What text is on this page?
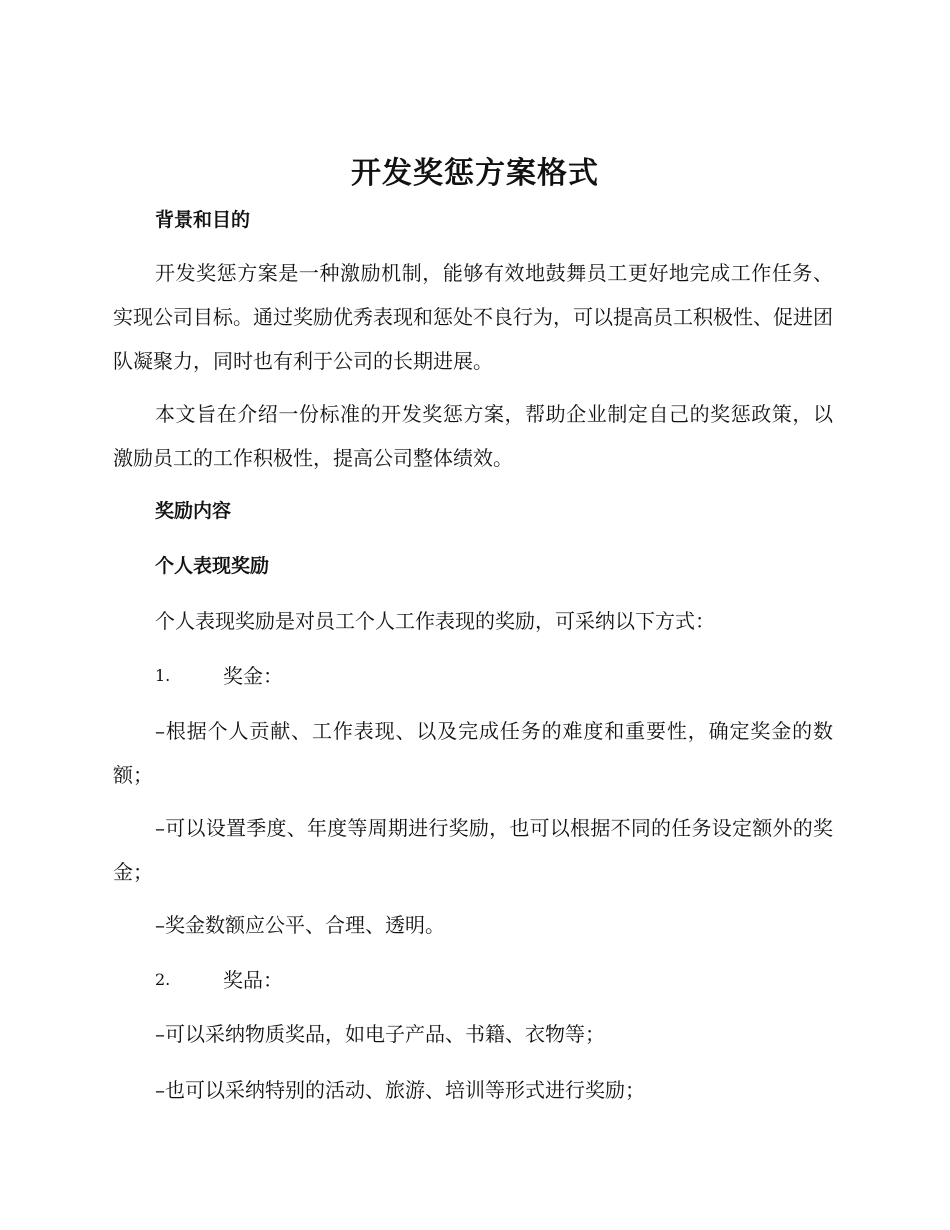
开发奖惩方案格式
背景和目的

开发奖惩方案是一种激励机制，能够有效地鼓舞员工更好地完成工作任务、实现公司目标。通过奖励优秀表现和惩处不良行为，可以提高员工积极性、促进团队凝聚力，同时也有利于公司的长期进展。

本文旨在介绍一份标准的开发奖惩方案，帮助企业制定自己的奖惩政策，以激励员工的工作积极性，提高公司整体绩效。

奖励内容
个人表现奖励

个人表现奖励是对员工个人工作表现的奖励，可采纳以下方式：

1.	奖金：

–根据个人贡献、工作表现、以及完成任务的难度和重要性，确定奖金的数额；

–可以设置季度、年度等周期进行奖励，也可以根据不同的任务设定额外的奖金；

–奖金数额应公平、合理、透明。

2.	奖品：

–可以采纳物质奖品，如电子产品、书籍、衣物等；

–也可以采纳特别的活动、旅游、培训等形式进行奖励；
